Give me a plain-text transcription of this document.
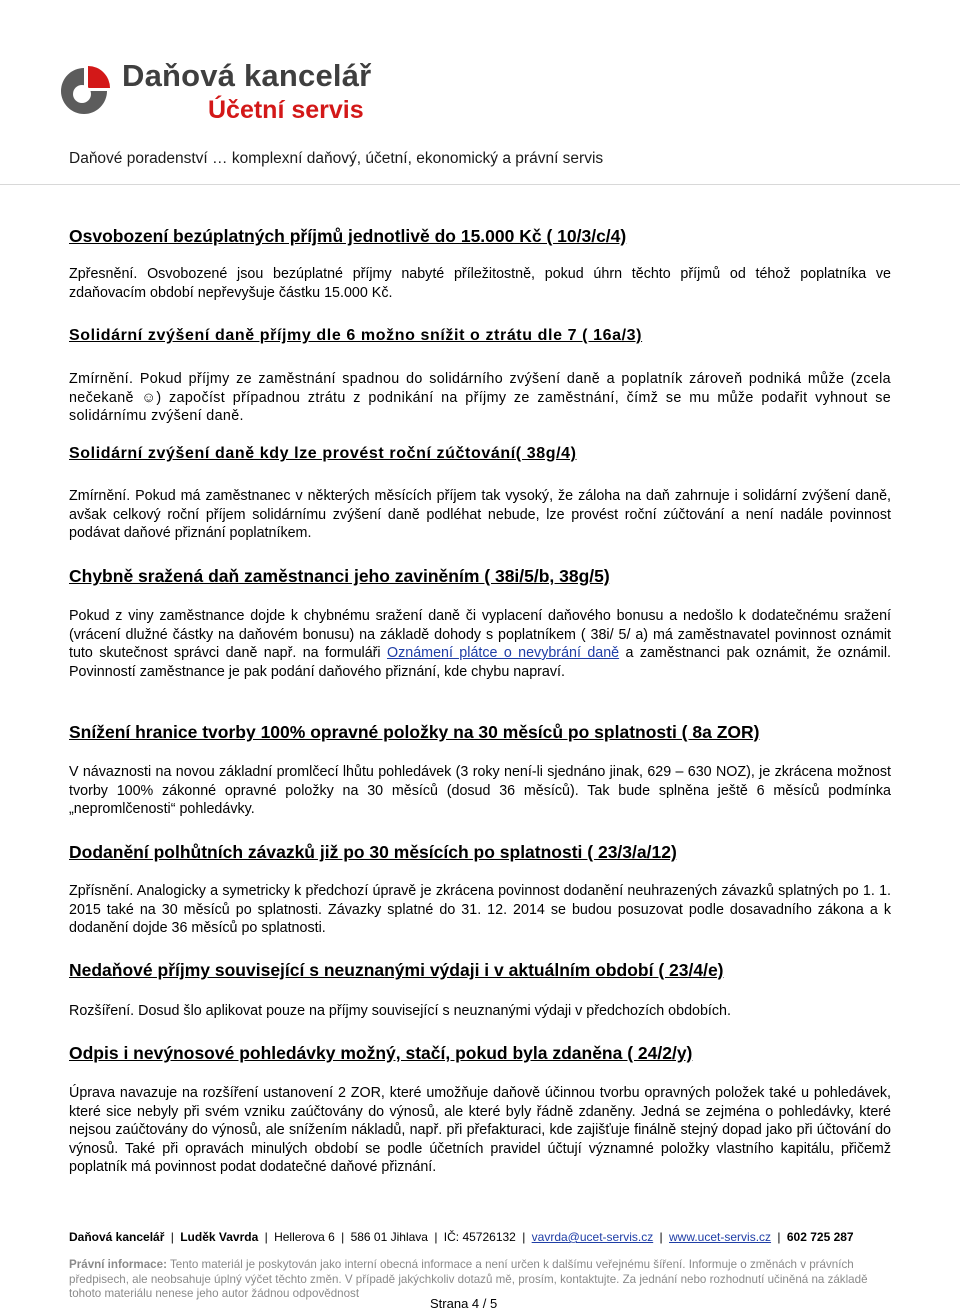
Daňová kancelář
Účetní servis
Daňové poradenství … komplexní daňový, účetní, ekonomický a právní servis
Osvobození bezúplatných příjmů jednotlivě do 15.000 Kč ( 10/3/c/4)
Zpřesnění. Osvobozené jsou bezúplatné příjmy nabyté příležitostně, pokud úhrn těchto příjmů od téhož poplatníka ve zdaňovacím období nepřevyšuje částku 15.000 Kč.
Solidární zvýšení daně příjmy dle 6 možno snížit o ztrátu dle 7 ( 16a/3)
Zmírnění. Pokud příjmy ze zaměstnání spadnou do solidárního zvýšení daně a poplatník zároveň podniká může (zcela nečekaně ☺) započíst případnou ztrátu z podnikání na příjmy ze zaměstnání, čímž se mu může podařit vyhnout se solidárnímu zvýšení daně.
Solidární zvýšení daně kdy lze provést roční zúčtování( 38g/4)
Zmírnění. Pokud má zaměstnanec v některých měsících příjem tak vysoký, že záloha na daň zahrnuje i solidární zvýšení daně, avšak celkový roční příjem solidárnímu zvýšení daně podléhat nebude, lze provést roční zúčtování a není nadále povinnost podávat daňové přiznání poplatníkem.
Chybně sražená daň zaměstnanci jeho zaviněním ( 38i/5/b, 38g/5)
Pokud z viny zaměstnance dojde k chybnému sražení daně či vyplacení daňového bonusu a nedošlo k dodatečnému sražení (vrácení dlužné částky na daňovém bonusu) na základě dohody s poplatníkem ( 38i/ 5/ a) má zaměstnavatel povinnost oznámit tuto skutečnost správci daně např. na formuláři Oznámení plátce o nevybrání daně a zaměstnanci pak oznámit, že oznámil. Povinností zaměstnance je pak podání daňového přiznání, kde chybu napraví.
Snížení hranice tvorby 100% opravné položky na 30 měsíců po splatnosti ( 8a ZOR)
V návaznosti na novou základní promlčecí lhůtu pohledávek (3 roky není-li sjednáno jinak, 629 – 630 NOZ), je zkrácena možnost tvorby 100% zákonné opravné položky na 30 měsíců (dosud 36 měsíců). Tak bude splněna ještě 6 měsíců podmínka „nepromlčenosti“ pohledávky.
Dodanění polhůtních závazků již po 30 měsících po splatnosti ( 23/3/a/12)
Zpřísnění. Analogicky a symetricky k předchozí úpravě je zkrácena povinnost dodanění neuhrazených závazků splatných po 1. 1. 2015 také na 30 měsíců po splatnosti. Závazky splatné do 31. 12. 2014 se budou posuzovat podle dosavadního zákona a k dodanění dojde 36 měsíců po splatnosti.
Nedaňové příjmy související s neuznanými výdaji i v aktuálním období ( 23/4/e)
Rozšíření. Dosud šlo aplikovat pouze na příjmy související s neuznanými výdaji v předchozích obdobích.
Odpis i nevýnosové pohledávky možný, stačí, pokud byla zdaněna ( 24/2/y)
Úprava navazuje na rozšíření ustanovení 2 ZOR, které umožňuje daňově účinnou tvorbu opravných položek také u pohledávek, které sice nebyly při svém vzniku zaúčtovány do výnosů, ale které byly řádně zdaněny. Jedná se zejména o pohledávky, které nejsou zaúčtovány do výnosů, ale snížením nákladů, např. při přefakturaci, kde zajišťuje finálně stejný dopad jako při účtování do výnosů. Také při opravách minulých období se podle účetních pravidel účtují významné položky vlastního kapitálu, přičemž poplatník má povinnost podat dodatečné daňové přiznání.
Daňová kancelář | Luděk Vavrda | Hellerova 6 | 586 01 Jihlava | IČ: 45726132 | vavrda@ucet-servis.cz | www.ucet-servis.cz | 602 725 287
Právní informace: Tento materiál je poskytován jako interní obecná informace a není určen k dalšímu veřejnému šíření. Informuje o změnách v právních předpisech, ale neobsahuje úplný výčet těchto změn. V případě jakýchkoliv dotazů mě, prosím, kontaktujte. Za jednání nebo rozhodnutí učiněná na základě tohoto materiálu nenese jeho autor žádnou odpovědnost
Strana 4 / 5
